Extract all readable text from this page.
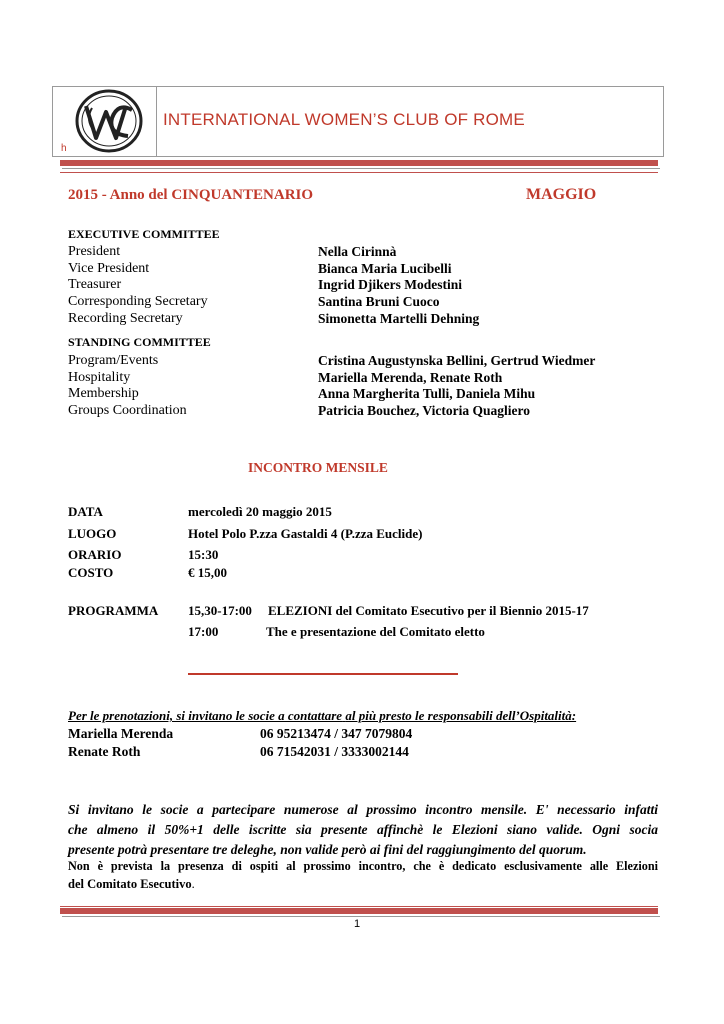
INTERNATIONAL WOMEN’S CLUB OF ROME
h
2015 - Anno del CINQUANTENARIO	MAGGIO
EXECUTIVE COMMITTEE
President	Nella Cirinnà
Vice President	Bianca Maria Lucibelli
Treasurer	Ingrid Djikers Modestini
Corresponding Secretary	Santina Bruni Cuoco
Recording Secretary	Simonetta Martelli Dehning
STANDING COMMITTEE
Program/Events	Cristina Augustynska Bellini, Gertrud Wiedmer
Hospitality	Mariella Merenda, Renate Roth
Membership	Anna Margherita Tulli, Daniela Mihu
Groups Coordination	Patricia Bouchez, Victoria Quagliero
INCONTRO MENSILE
DATA	mercoledì 20 maggio 2015
LUOGO	Hotel Polo P.zza Gastaldi 4 (P.zza Euclide)
ORARIO	15:30
COSTO	€ 15,00
PROGRAMMA 15,30-17:00 ELEZIONI del Comitato Esecutivo per il Biennio 2015-17
17:00	The e presentazione del Comitato eletto
Per le prenotazioni, si invitano le socie a contattare al più presto le responsabili dell’Ospitalità:
Mariella Merenda	06 95213474 / 347 7079804
Renate Roth	06 71542031 / 3333002144
Si invitano le socie a partecipare numerose al prossimo incontro mensile. E' necessario infatti
che almeno il 50%+1 delle iscritte sia presente affinchè le Elezioni siano valide. Ogni socia
presente potrà presentare tre deleghe, non valide però ai fini del raggiungimento del quorum.
Non è prevista la presenza di ospiti al prossimo incontro, che è dedicato esclusivamente alle Elezioni
del Comitato Esecutivo.
1
